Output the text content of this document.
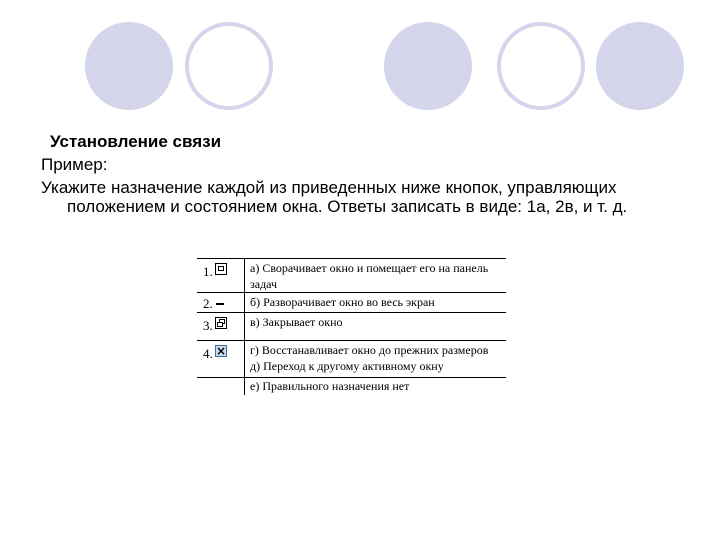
Установление связи
Пример:
Укажите назначение каждой из приведенных ниже кнопок, управляющих положением и состоянием окна. Ответы записать в виде: 1а, 2в, и т. д.
1.	а) Сворачивает окно и помещает его на панель
задач
2.	б) Разворачивает окно во весь экран
3.	в) Закрывает окно
4. × г) Восстанавливает окно до прежних размеров
д) Переход к другому активному окну
е) Правильного назначения нет
